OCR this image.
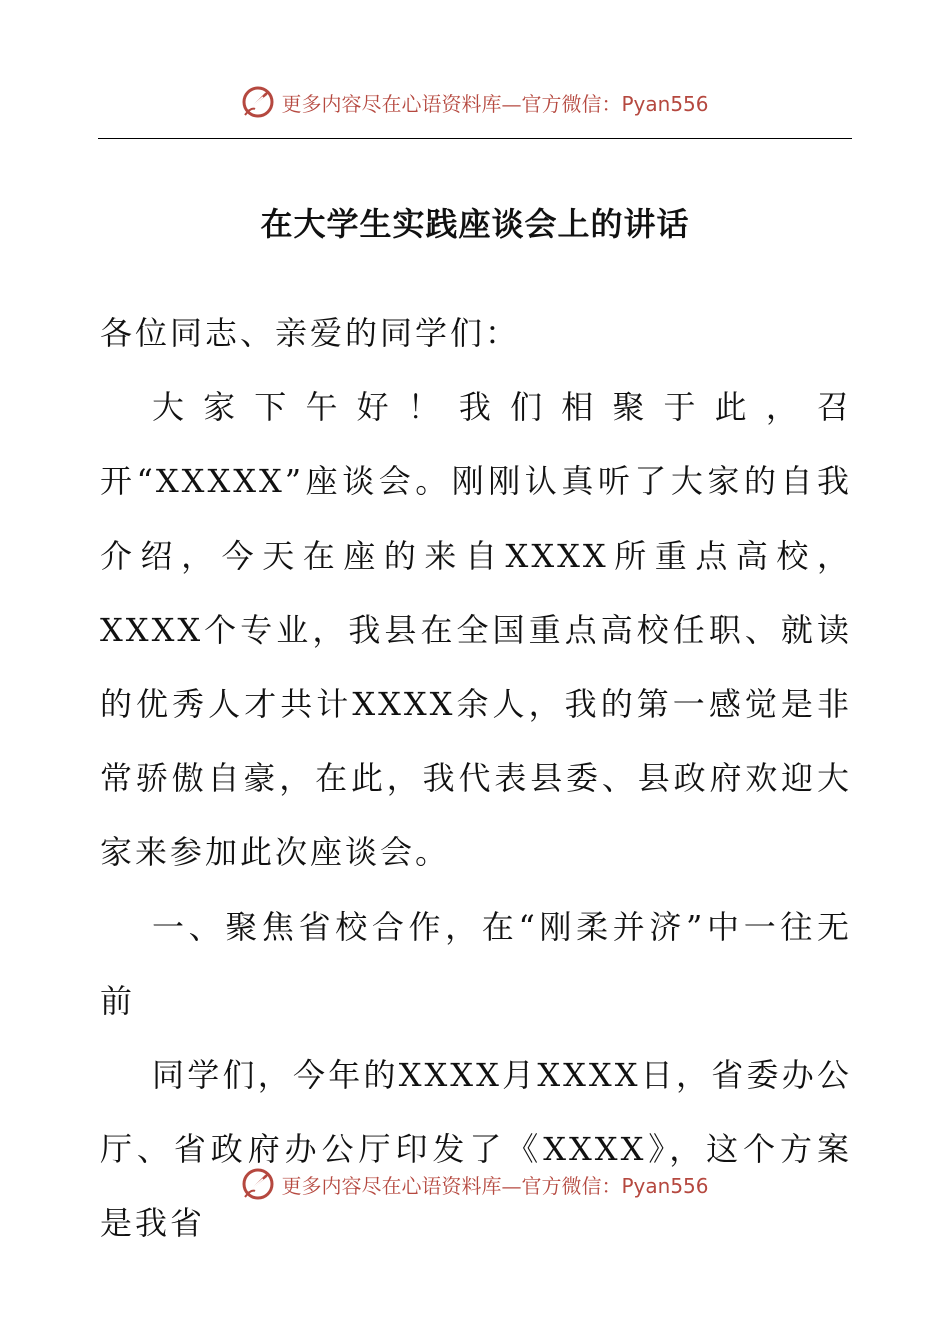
更多内容尽在心语资料库—官方微信：Pyan556
在大学生实践座谈会上的讲话

各位同志、亲爱的同学们：

大家下午好！我们相聚于此，召开“XXXXX”座谈会。刚刚认真听了大家的自我介绍，今天在座的来自XXXX所重点高校，XXXX个专业，我县在全国重点高校任职、就读的优秀人才共计XXXX余人，我的第一感觉是非常骄傲自豪，在此，我代表县委、县政府欢迎大家来参加此次座谈会。

一、聚焦省校合作，在“刚柔并济”中一往无前

同学们，今年的XXXX月XXXX日，省委办公厅、省政府办公厅印发了《XXXX》，这个方案是我省

更多内容尽在心语资料库—官方微信：Pyan556
